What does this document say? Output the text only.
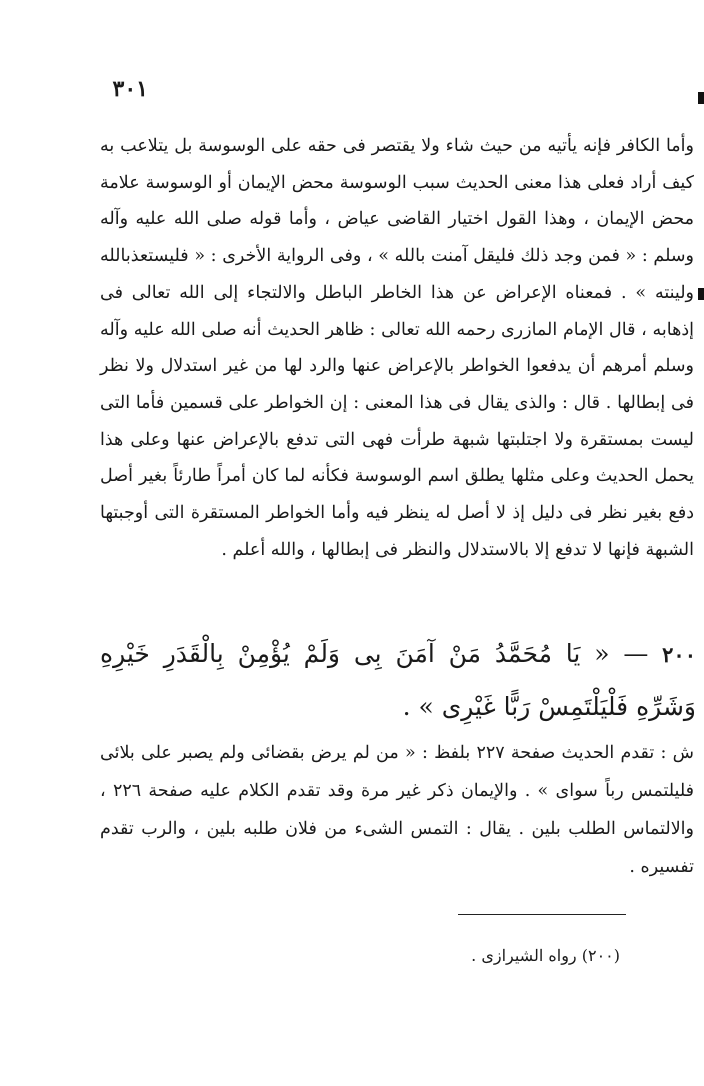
٣٠١

وأما الكافر فإنه يأتيه من حيث شاء ولا يقتصر فى حقه على الوسوسة بل يتلاعب به كيف أراد فعلى هذا معنى الحديث سبب الوسوسة محض الإيمان أو الوسوسة علامة محض الإيمان ، وهذا القول اختيار القاضى عياض ، وأما قوله صلى الله عليه وآله وسلم : « فمن وجد ذلك فليقل آمنت بالله » ، وفى الرواية الأخرى : « فليستعذبالله ولينته » . فمعناه الإعراض عن هذا الخاطر الباطل والالتجاء إلى الله تعالى فى إذهابه ، قال الإمام المازرى رحمه الله تعالى : ظاهر الحديث أنه صلى الله عليه وآله وسلم أمرهم أن يدفعوا الخواطر بالإعراض عنها والرد لها من غير استدلال ولا نظر فى إبطالها . قال : والذى يقال فى هذا المعنى : إن الخواطر على قسمين فأما التى ليست بمستقرة ولا اجتلبتها شبهة طرأت فهى التى تدفع بالإعراض عنها وعلى هذا يحمل الحديث وعلى مثلها يطلق اسم الوسوسة فكأنه لما كان أمراً طارئاً بغير أصل دفع بغير نظر فى دليل إذ لا أصل له ينظر فيه وأما الخواطر المستقرة التى أوجبتها الشبهة فإنها لا تدفع إلا بالاستدلال والنظر فى إبطالها ، والله أعلم .

٢٠٠ — « يَا مُحَمَّدُ مَنْ آمَنَ بِى وَلَمْ يُؤْمِنْ بِالْقَدَرِ خَيْرِهِ وَشَرِّهِ فَلْيَلْتَمِسْ رَبًّا غَيْرِى » .
ش : تقدم الحديث صفحة ٢٢٧ بلفظ : « من لم يرض بقضائى ولم يصبر على بلائى فليلتمس رباً سواى » . والإيمان ذكر غير مرة وقد تقدم الكلام عليه صفحة ٢٢٦ ، والالتماس الطلب بلين . يقال : التمس الشىء من فلان طلبه بلين ، والرب تقدم تفسيره .
(٢٠٠) رواه الشيرازى .
